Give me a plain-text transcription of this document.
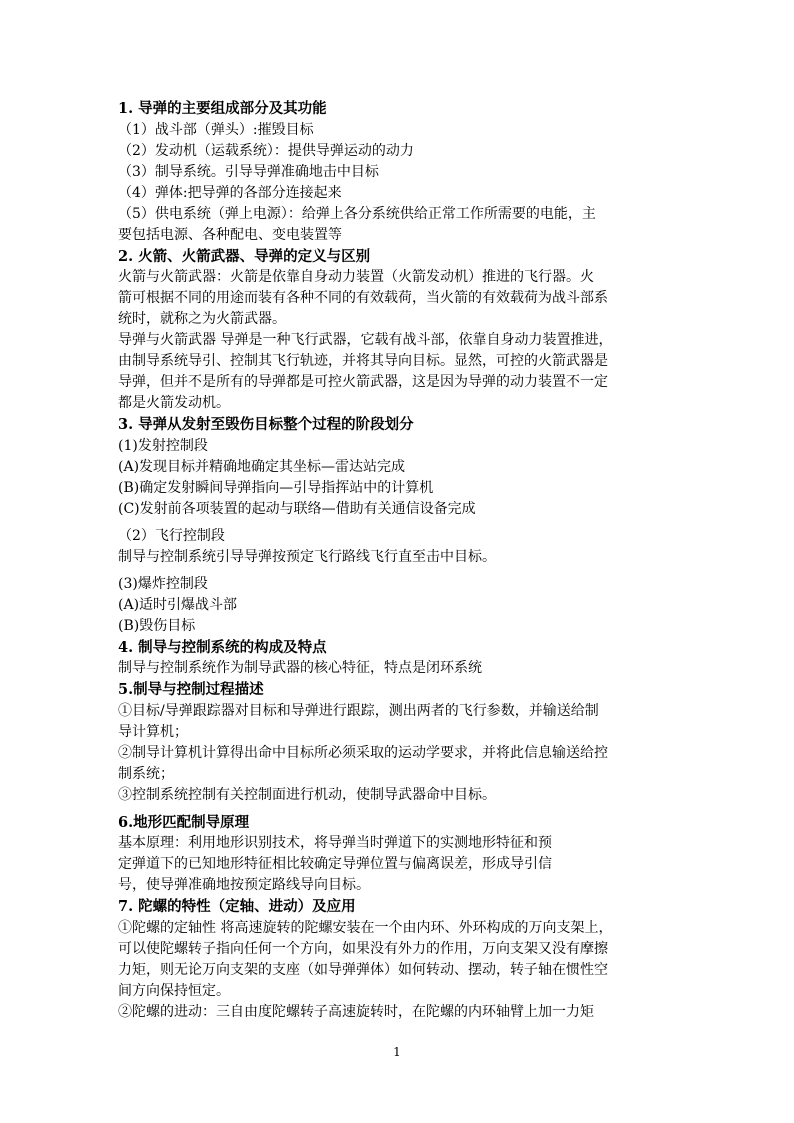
1. 导弹的主要组成部分及其功能
（1）战斗部（弹头）:摧毁目标
（2）发动机（运载系统）：提供导弹运动的动力
（3）制导系统。引导导弹准确地击中目标
（4）弹体:把导弹的各部分连接起来
（5）供电系统（弹上电源）：给弹上各分系统供给正常工作所需要的电能，主
要包括电源、各种配电、变电装置等
2. 火箭、火箭武器、导弹的定义与区别
火箭与火箭武器：火箭是依靠自身动力装置（火箭发动机）推进的飞行器。火
箭可根据不同的用途而装有各种不同的有效载荷，当火箭的有效载荷为战斗部系
统时，就称之为火箭武器。
导弹与火箭武器 导弹是一种飞行武器，它载有战斗部，依靠自身动力装置推进，
由制导系统导引、控制其飞行轨迹，并将其导向目标。显然，可控的火箭武器是
导弹，但并不是所有的导弹都是可控火箭武器，这是因为导弹的动力装置不一定
都是火箭发动机。
3. 导弹从发射至毁伤目标整个过程的阶段划分
(1)发射控制段
(A)发现目标并精确地确定其坐标—雷达站完成
(B)确定发射瞬间导弹指向—引导指挥站中的计算机
(C)发射前各项装置的起动与联络—借助有关通信设备完成
（2）飞行控制段
制导与控制系统引导导弹按预定飞行路线飞行直至击中目标。
(3)爆炸控制段
(A)适时引爆战斗部
(B)毁伤目标
4. 制导与控制系统的构成及特点
制导与控制系统作为制导武器的核心特征，特点是闭环系统
5.制导与控制过程描述
①目标/导弹跟踪器对目标和导弹进行跟踪，测出两者的飞行参数，并输送给制
导计算机；
②制导计算机计算得出命中目标所必须采取的运动学要求，并将此信息输送给控
制系统；
③控制系统控制有关控制面进行机动，使制导武器命中目标。
6.地形匹配制导原理
基本原理：利用地形识别技术，将导弹当时弹道下的实测地形特征和预
定弹道下的已知地形特征相比较确定导弹位置与偏离误差，形成导引信
号，使导弹准确地按预定路线导向目标。
7. 陀螺的特性（定轴、进动）及应用
①陀螺的定轴性 将高速旋转的陀螺安装在一个由内环、外环构成的万向支架上，
可以使陀螺转子指向任何一个方向，如果没有外力的作用，万向支架又没有摩擦
力矩，则无论万向支架的支座（如导弹弹体）如何转动、摆动，转子轴在惯性空
间方向保持恒定。
②陀螺的进动：三自由度陀螺转子高速旋转时，在陀螺的内环轴臂上加一力矩
1
